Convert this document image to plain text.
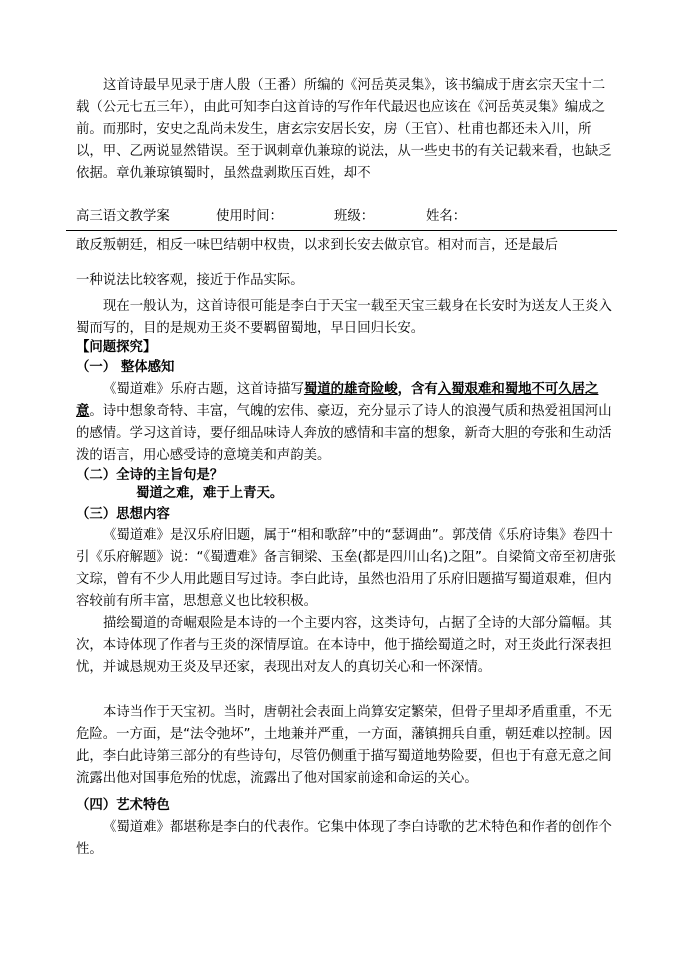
这首诗最早见录于唐人殷（王番）所编的《河岳英灵集》，该书编成于唐玄宗天宝十二载（公元七五三年），由此可知李白这首诗的写作年代最迟也应该在《河岳英灵集》编成之前。而那时，安史之乱尚未发生，唐玄宗安居长安，房（王官）、杜甫也都还未入川，所以，甲、乙两说显然错误。至于讽刺章仇兼琼的说法，从一些史书的有关记载来看，也缺乏依据。章仇兼琼镇蜀时，虽然盘剥欺压百姓，却不

高三语文教学案	使用时间：	班级：	姓名：

敢反叛朝廷，相反一味巴结朝中权贵，以求到长安去做京官。相对而言，还是最后

一种说法比较客观，接近于作品实际。

现在一般认为，这首诗很可能是李白于天宝一载至天宝三载身在长安时为送友人王炎入蜀而写的，目的是规劝王炎不要羁留蜀地，早日回归长安。

【问题探究】
（一） 整体感知

《蜀道难》乐府古题，这首诗描写蜀道的雄奇险峻，含有入蜀艰难和蜀地不可久居之意。诗中想象奇特、丰富，气魄的宏伟、豪迈，充分显示了诗人的浪漫气质和热爱祖国河山的感情。学习这首诗，要仔细品味诗人奔放的感情和丰富的想象，新奇大胆的夸张和生动活泼的语言，用心感受诗的意境美和声韵美。

（二）全诗的主旨句是？
蜀道之难，难于上青天。
（三）思想内容

《蜀道难》是汉乐府旧题，属于“相和歌辞”中的“瑟调曲”。郭茂倩《乐府诗集》卷四十引《乐府解题》说：“《蜀遭难》备言铜梁、玉垒(都是四川山名)之阻”。自梁简文帝至初唐张文琮，曾有不少人用此题目写过诗。李白此诗，虽然也沿用了乐府旧题描写蜀道艰难，但内容较前有所丰富，思想意义也比较积极。

描绘蜀道的奇崛艰险是本诗的一个主要内容，这类诗句，占据了全诗的大部分篇幅。其次，本诗体现了作者与王炎的深情厚谊。在本诗中，他于描绘蜀道之时，对王炎此行深表担忧，并诚恳规劝王炎及早还家，表现出对友人的真切关心和一怀深情。

本诗当作于天宝初。当时，唐朝社会表面上尚算安定繁荣，但骨子里却矛盾重重，不无危险。一方面，是“法令弛坏”，土地兼并严重，一方面，藩镇拥兵自重，朝廷难以控制。因此，李白此诗第三部分的有些诗句，尽管仍侧重于描写蜀道地势险要，但也于有意无意之间流露出他对国事危殆的忧虑，流露出了他对国家前途和命运的关心。

（四）艺术特色

《蜀道难》都堪称是李白的代表作。它集中体现了李白诗歌的艺术特色和作者的创作个性。
